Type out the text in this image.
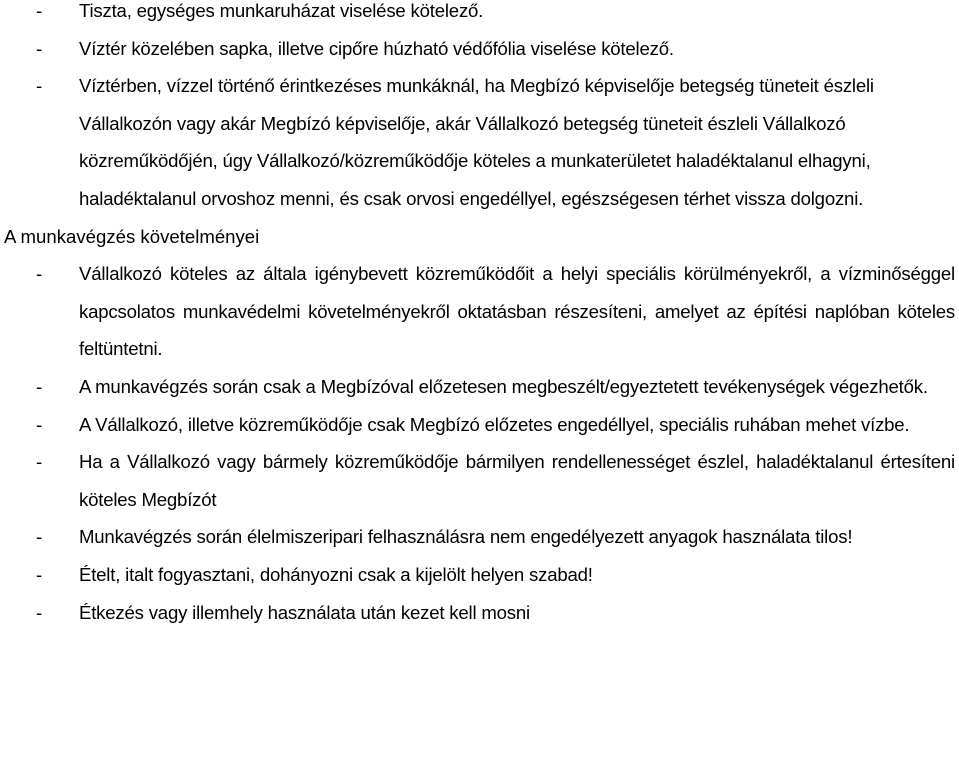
- Tiszta, egységes munkaruházat viselése kötelező.
- Víztér közelében sapka, illetve cipőre húzható védőfólia viselése kötelező.
- Víztérben, vízzel történő érintkezéses munkáknál, ha Megbízó képviselője betegség tüneteit észleli Vállalkozón vagy akár Megbízó képviselője, akár Vállalkozó betegség tüneteit észleli Vállalkozó közreműködőjén, úgy Vállalkozó/közreműködője köteles a munkaterületet haladéktalanul elhagyni, haladéktalanul orvoshoz menni, és csak orvosi engedéllyel, egészségesen térhet vissza dolgozni.
A munkavégzés követelményei
- Vállalkozó köteles az általa igénybevett közreműködőit a helyi speciális körülményekről, a vízminőséggel kapcsolatos munkavédelmi követelményekről oktatásban részesíteni, amelyet az építési naplóban köteles feltüntetni.
- A munkavégzés során csak a Megbízóval előzetesen megbeszélt/egyeztetett tevékenységek végezhetők.
- A Vállalkozó, illetve közreműködője csak Megbízó előzetes engedéllyel, speciális ruhában mehet vízbe.
- Ha a Vállalkozó vagy bármely közreműködője bármilyen rendellenességet észlel, haladéktalanul értesíteni köteles Megbízót
- Munkavégzés során élelmiszeripari felhasználásra nem engedélyezett anyagok használata tilos!
- Ételt, italt fogyasztani, dohányozni csak a kijelölt helyen szabad!
- Étkezés vagy illemhely használata után kezet kell mosni
